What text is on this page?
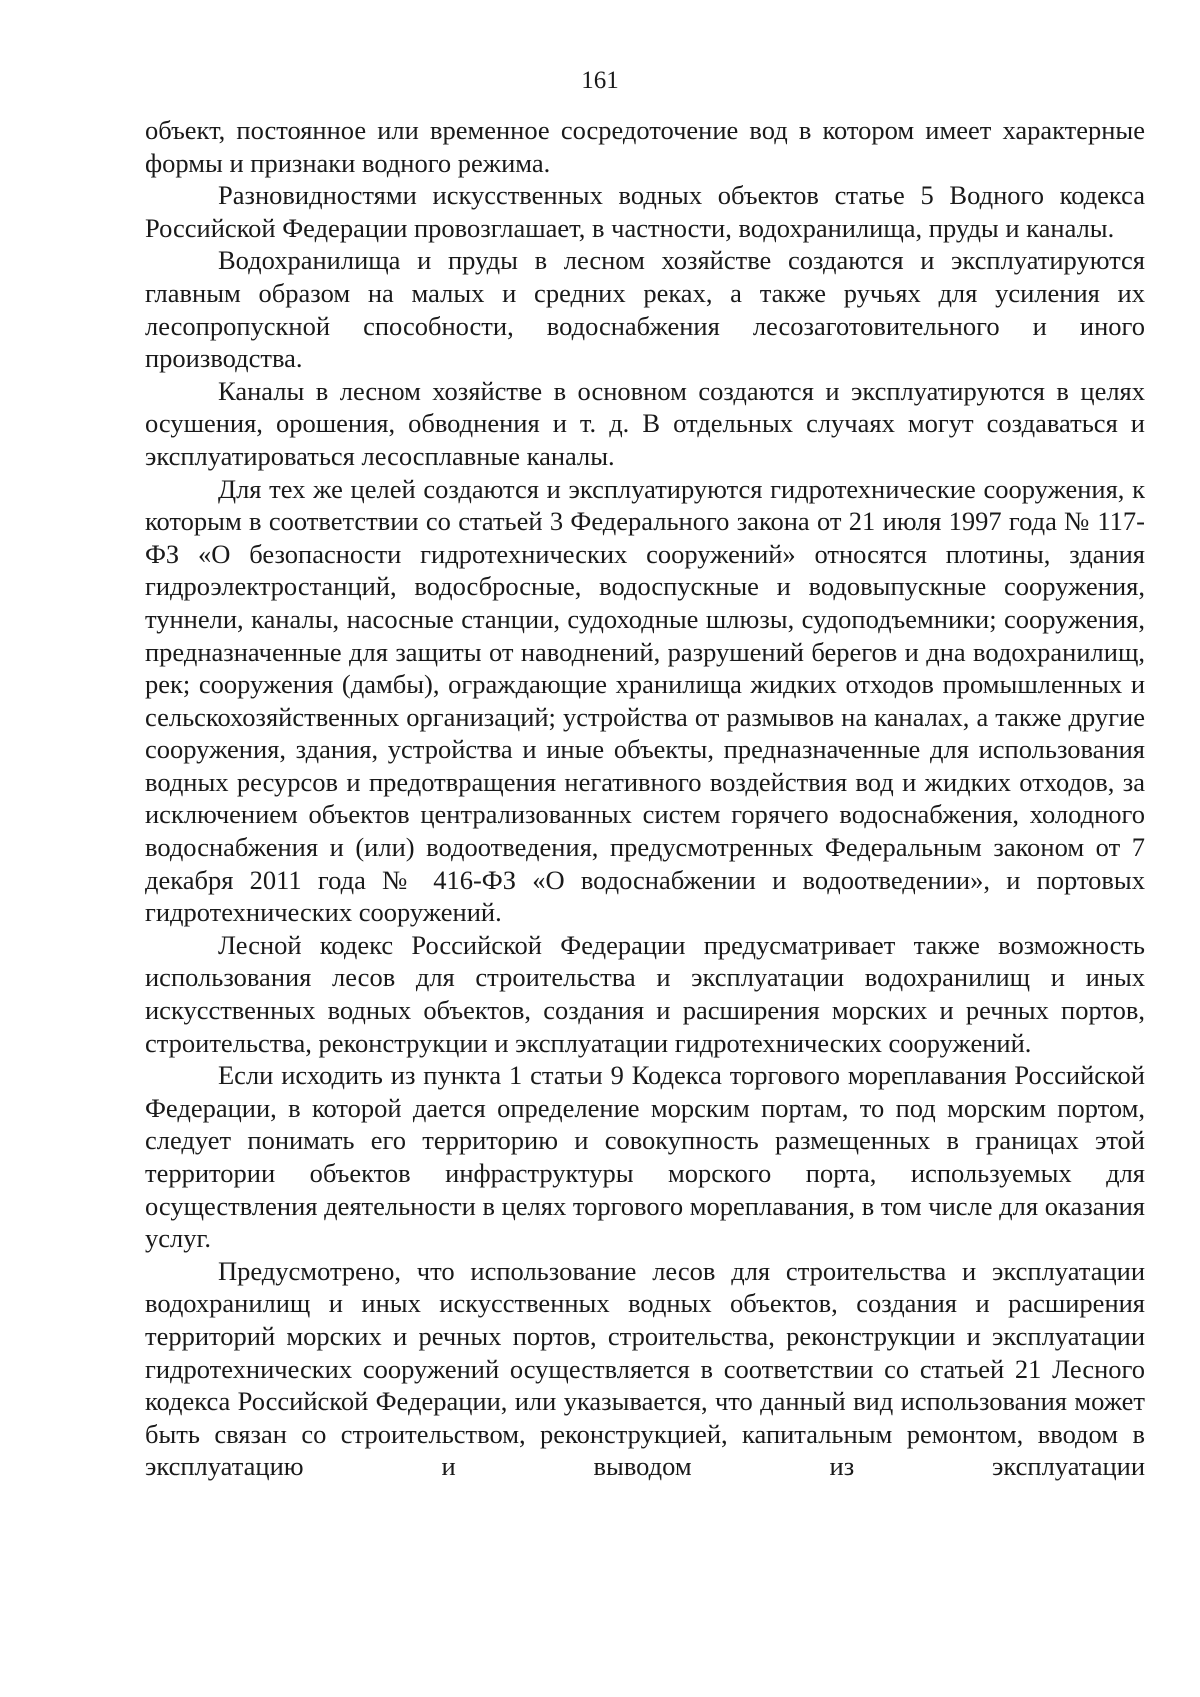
161

объект, постоянное или временное сосредоточение вод в котором имеет характерные формы и признаки водного режима.

Разновидностями искусственных водных объектов статье 5 Водного кодекса Российской Федерации провозглашает, в частности, водохранилища, пруды и каналы.

Водохранилища и пруды в лесном хозяйстве создаются и эксплуатируются главным образом на малых и средних реках, а также ручьях для усиления их лесопропускной способности, водоснабжения лесозаготовительного и иного производства.

Каналы в лесном хозяйстве в основном создаются и эксплуатируются в целях осушения, орошения, обводнения и т. д. В отдельных случаях могут создаваться и эксплуатироваться лесосплавные каналы.

Для тех же целей создаются и эксплуатируются гидротехнические сооружения, к которым в соответствии со статьей 3 Федерального закона от 21 июля 1997 года № 117-ФЗ «О безопасности гидротехнических сооружений» относятся плотины, здания гидроэлектростанций, водосбросные, водоспускные и водовыпускные сооружения, туннели, каналы, насосные станции, судоходные шлюзы, судоподъемники; сооружения, предназначенные для защиты от наводнений, разрушений берегов и дна водохранилищ, рек; сооружения (дамбы), ограждающие хранилища жидких отходов промышленных и сельскохозяйственных организаций; устройства от размывов на каналах, а также другие сооружения, здания, устройства и иные объекты, предназначенные для использования водных ресурсов и предотвращения негативного воздействия вод и жидких отходов, за исключением объектов централизованных систем горячего водоснабжения, холодного водоснабжения и (или) водоотведения, предусмотренных Федеральным законом от 7 декабря 2011 года № 416-ФЗ «О водоснабжении и водоотведении», и портовых гидротехнических сооружений.

Лесной кодекс Российской Федерации предусматривает также возможность использования лесов для строительства и эксплуатации водохранилищ и иных искусственных водных объектов, создания и расширения морских и речных портов, строительства, реконструкции и эксплуатации гидротехнических сооружений.

Если исходить из пункта 1 статьи 9 Кодекса торгового мореплавания Российской Федерации, в которой дается определение морским портам, то под морским портом, следует понимать его территорию и совокупность размещенных в границах этой территории объектов инфраструктуры морского порта, используемых для осуществления деятельности в целях торгового мореплавания, в том числе для оказания услуг.

Предусмотрено, что использование лесов для строительства и эксплуатации водохранилищ и иных искусственных водных объектов, создания и расширения территорий морских и речных портов, строительства, реконструкции и эксплуатации гидротехнических сооружений осуществляется в соответствии со статьей 21 Лесного кодекса Российской Федерации, или указывается, что данный вид использования может быть связан со строительством, реконструкцией, капитальным ремонтом, вводом в эксплуатацию и выводом из эксплуатации
